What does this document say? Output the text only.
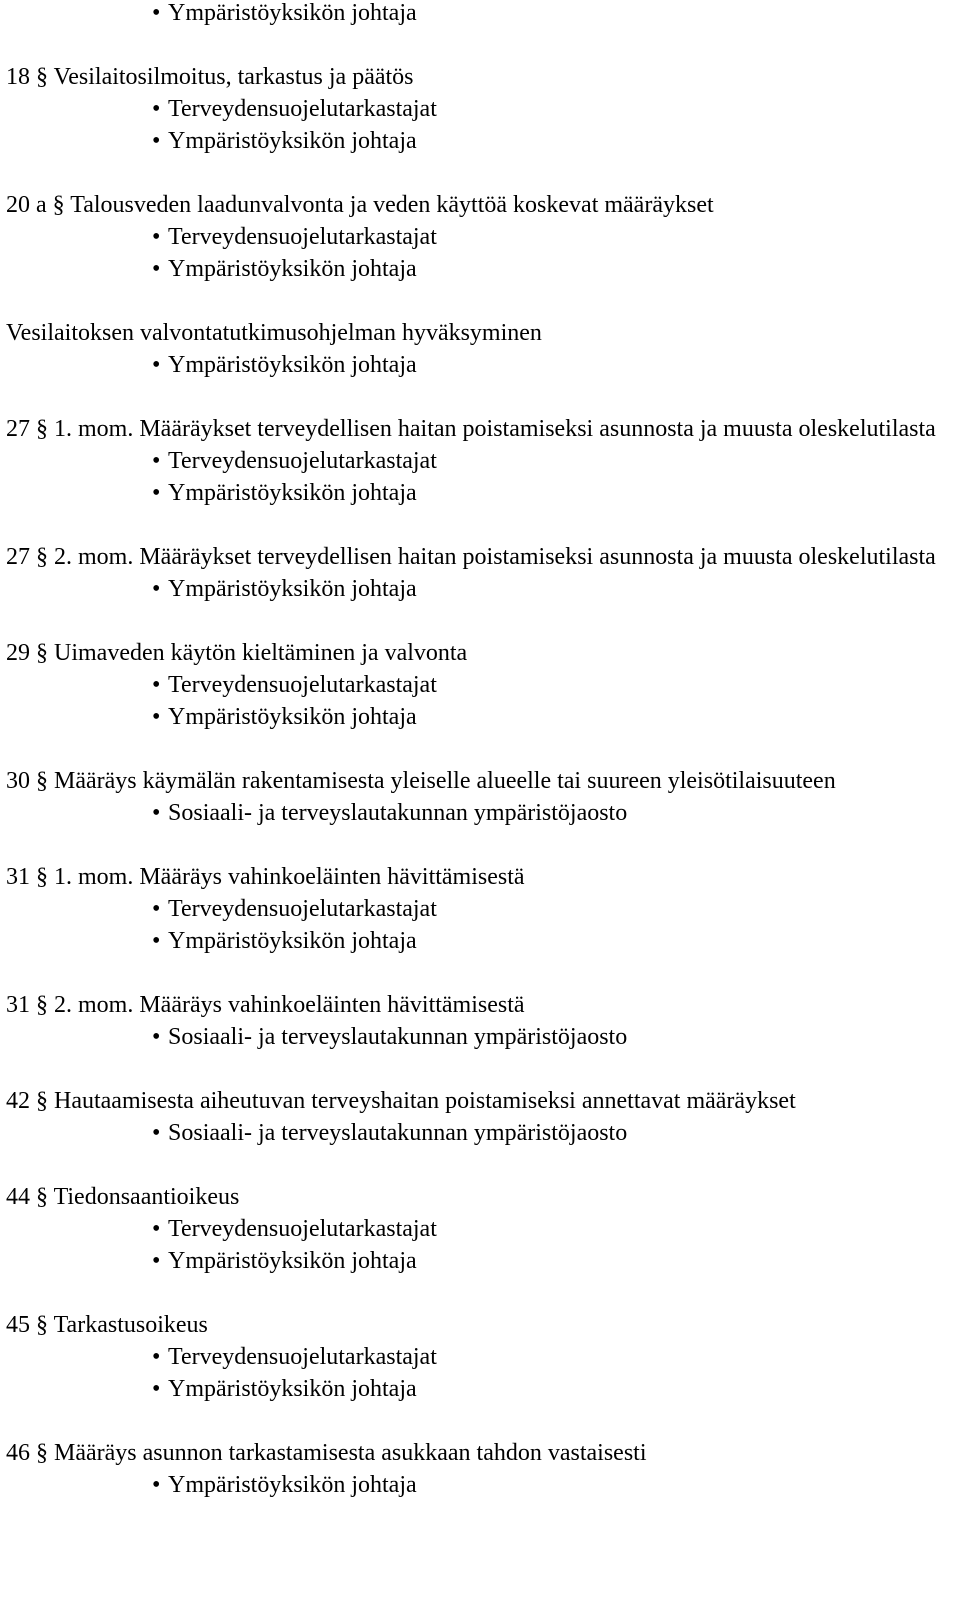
• Ympäristöyksikön johtaja
18 § Vesilaitosilmoitus, tarkastus ja päätös
• Terveydensuojelutarkastajat
• Ympäristöyksikön johtaja
20 a § Talousveden laadunvalvonta ja veden käyttöä koskevat määräykset
• Terveydensuojelutarkastajat
• Ympäristöyksikön johtaja
Vesilaitoksen valvontatutkimusohjelman hyväksyminen
• Ympäristöyksikön johtaja
27 § 1. mom. Määräykset terveydellisen haitan poistamiseksi asunnosta ja muusta oleskelutilasta
• Terveydensuojelutarkastajat
• Ympäristöyksikön johtaja
27 § 2. mom. Määräykset terveydellisen haitan poistamiseksi asunnosta ja muusta oleskelutilasta
• Ympäristöyksikön johtaja
29 § Uimaveden käytön kieltäminen ja valvonta
• Terveydensuojelutarkastajat
• Ympäristöyksikön johtaja
30 § Määräys käymälän rakentamisesta yleiselle alueelle tai suureen yleisötilaisuuteen
• Sosiaali- ja terveyslautakunnan ympäristöjaosto
31 § 1. mom. Määräys vahinkoeläinten hävittämisestä
• Terveydensuojelutarkastajat
• Ympäristöyksikön johtaja
31 § 2. mom. Määräys vahinkoeläinten hävittämisestä
• Sosiaali- ja terveyslautakunnan ympäristöjaosto
42 § Hautaamisesta aiheutuvan terveyshaitan poistamiseksi annettavat määräykset
• Sosiaali- ja terveyslautakunnan ympäristöjaosto
44 § Tiedonsaantioikeus
• Terveydensuojelutarkastajat
• Ympäristöyksikön johtaja
45 § Tarkastusoikeus
• Terveydensuojelutarkastajat
• Ympäristöyksikön johtaja
46 § Määräys asunnon tarkastamisesta asukkaan tahdon vastaisesti
• Ympäristöyksikön johtaja
